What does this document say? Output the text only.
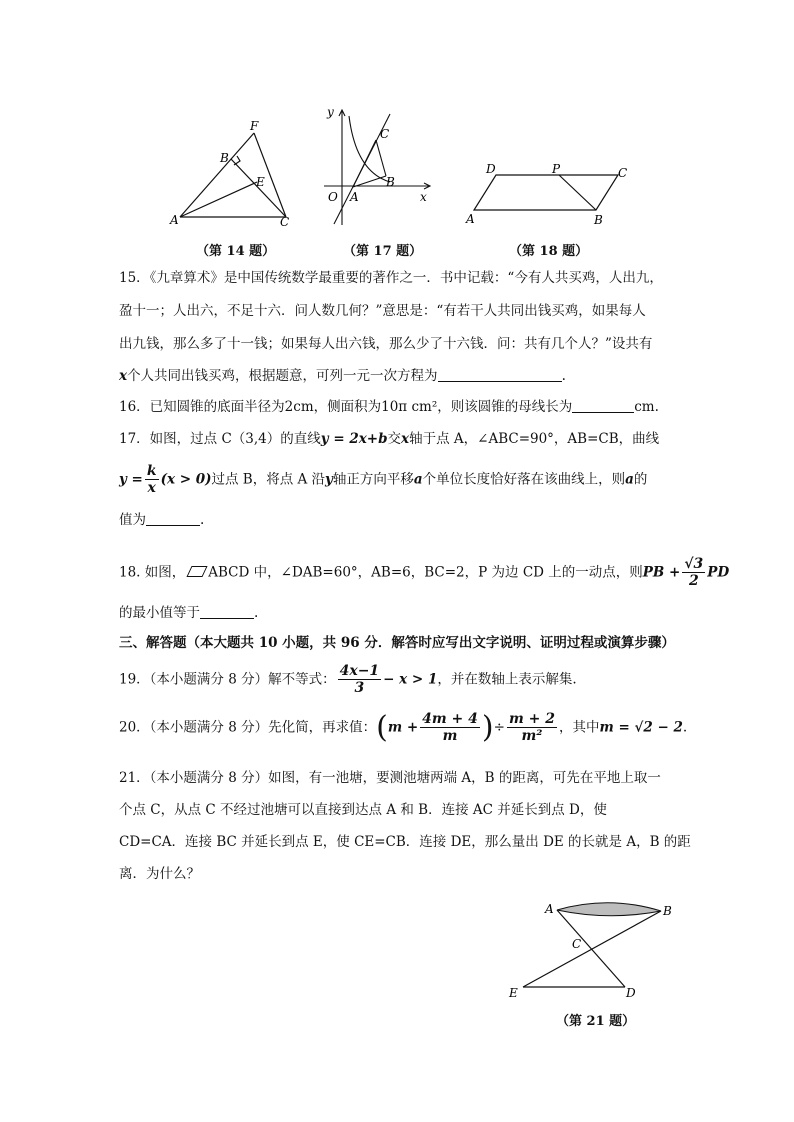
F
B
E
A	C
（第 14 题）
y
C
B
O A	x
（第 17 题）
D	P	C
A	B
（第 18 题）
15．《九章算术》是中国传统数学最重要的著作之一．书中记载：“今有人共买鸡，人出九，
盈十一；人出六，不足十六．问人数几何？”意思是：“有若干人共同出钱买鸡，如果每人
出九钱，那么多了十一钱；如果每人出六钱，那么少了十六钱．问：共有几个人？”设共有
x个人共同出钱买鸡，根据题意，可列一元一次方程为	.
16．已知圆锥的底面半径为2cm，侧面积为10π cm²，则该圆锥的母线长为	cm.
17．如图，过点 C（3,4）的直线y = 2x+b交x轴于点 A，∠ABC=90°，AB=CB，曲线
$y = \frac{k}{x} (x > 0)$过点 B，将点 A 沿y轴正方向平移a个单位长度恰好落在该曲线上，则a的
值为	.
18. 如图， ABCD 中，∠DAB=60°，AB=6，BC=2，P 为边 CD 上的一动点，则PB + $\frac{√3}{2}$ PD
的最小值等于	.
三、解答题（本大题共 10 小题，共 96 分．解答时应写出文字说明、证明过程或演算步骤）
19．（本小题满分 8 分）解不等式： $\frac{4x-1}{3} - x > 1$，并在数轴上表示解集.
20．（本小题满分 8 分）先化简，再求值：($m + \frac{4m + 4}{m}$ )÷ $\frac{m + 2}{\text{m²}}$ ，其中m = √2 − 2.
21．（本小题满分 8 分）如图，有一池塘，要测池塘两端 A，B 的距离，可先在平地上取一
个点 C，从点 C 不经过池塘可以直接到达点 A 和 B．连接 AC 并延长到点 D，使
CD=CA．连接 BC 并延长到点 E，使 CE=CB．连接 DE，那么量出 DE 的长就是 A，B 的距
离．为什么？
A	B
C
E	D
（第 21 题）
